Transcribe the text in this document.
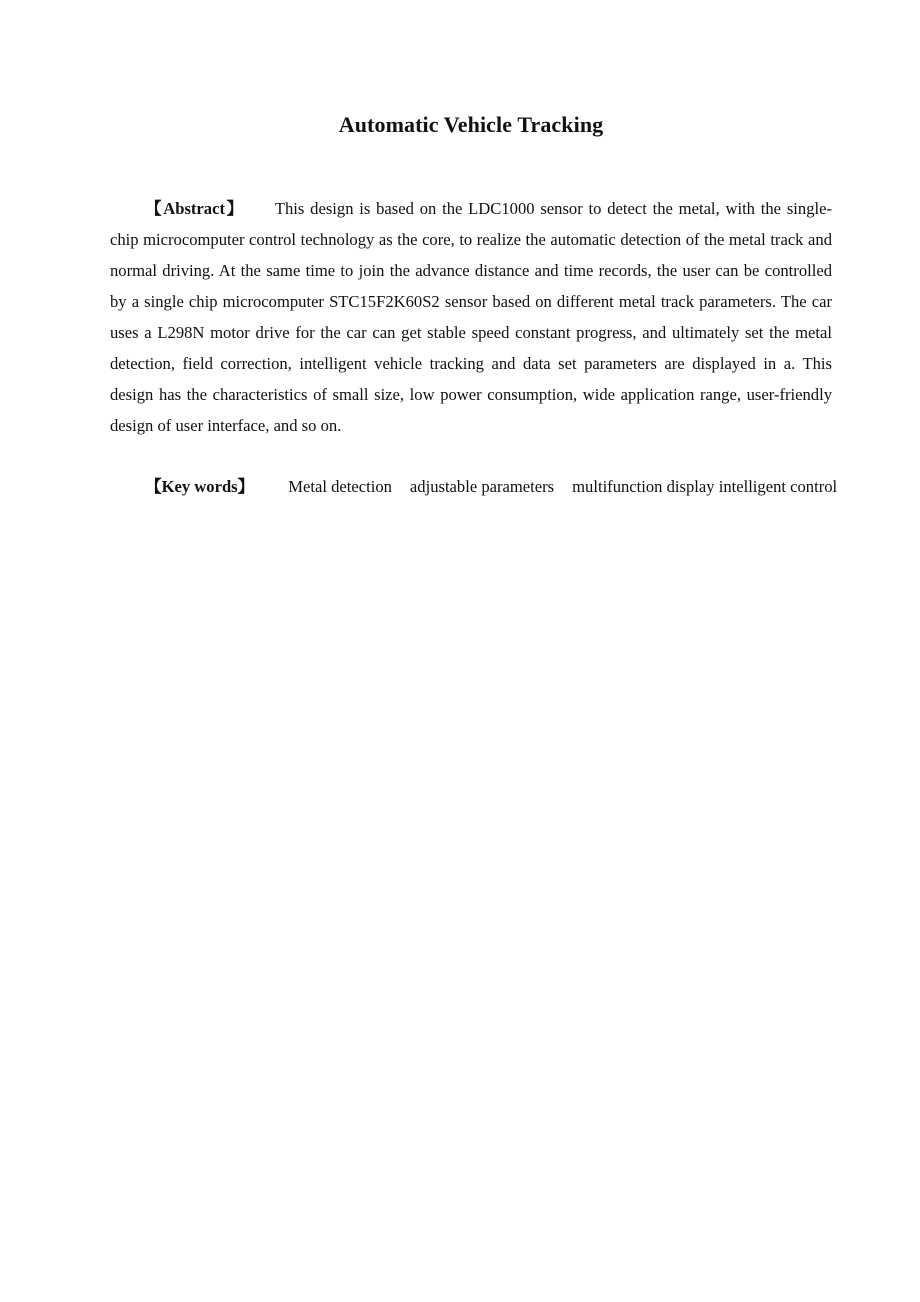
Automatic Vehicle Tracking

【Abstract】 This design is based on the LDC1000 sensor to detect the metal, with the single-chip microcomputer control technology as the core, to realize the automatic detection of the metal track and normal driving. At the same time to join the advance distance and time records, the user can be controlled by a single chip microcomputer STC15F2K60S2 sensor based on different metal track parameters. The car uses a L298N motor drive for the car can get stable speed constant progress, and ultimately set the metal detection, field correction, intelligent vehicle tracking and data set parameters are displayed in a. This design has the characteristics of small size, low power consumption, wide application range, user-friendly design of user interface, and so on.

【Key words】 Metal detection adjustable parameters multifunction display intelligent control
